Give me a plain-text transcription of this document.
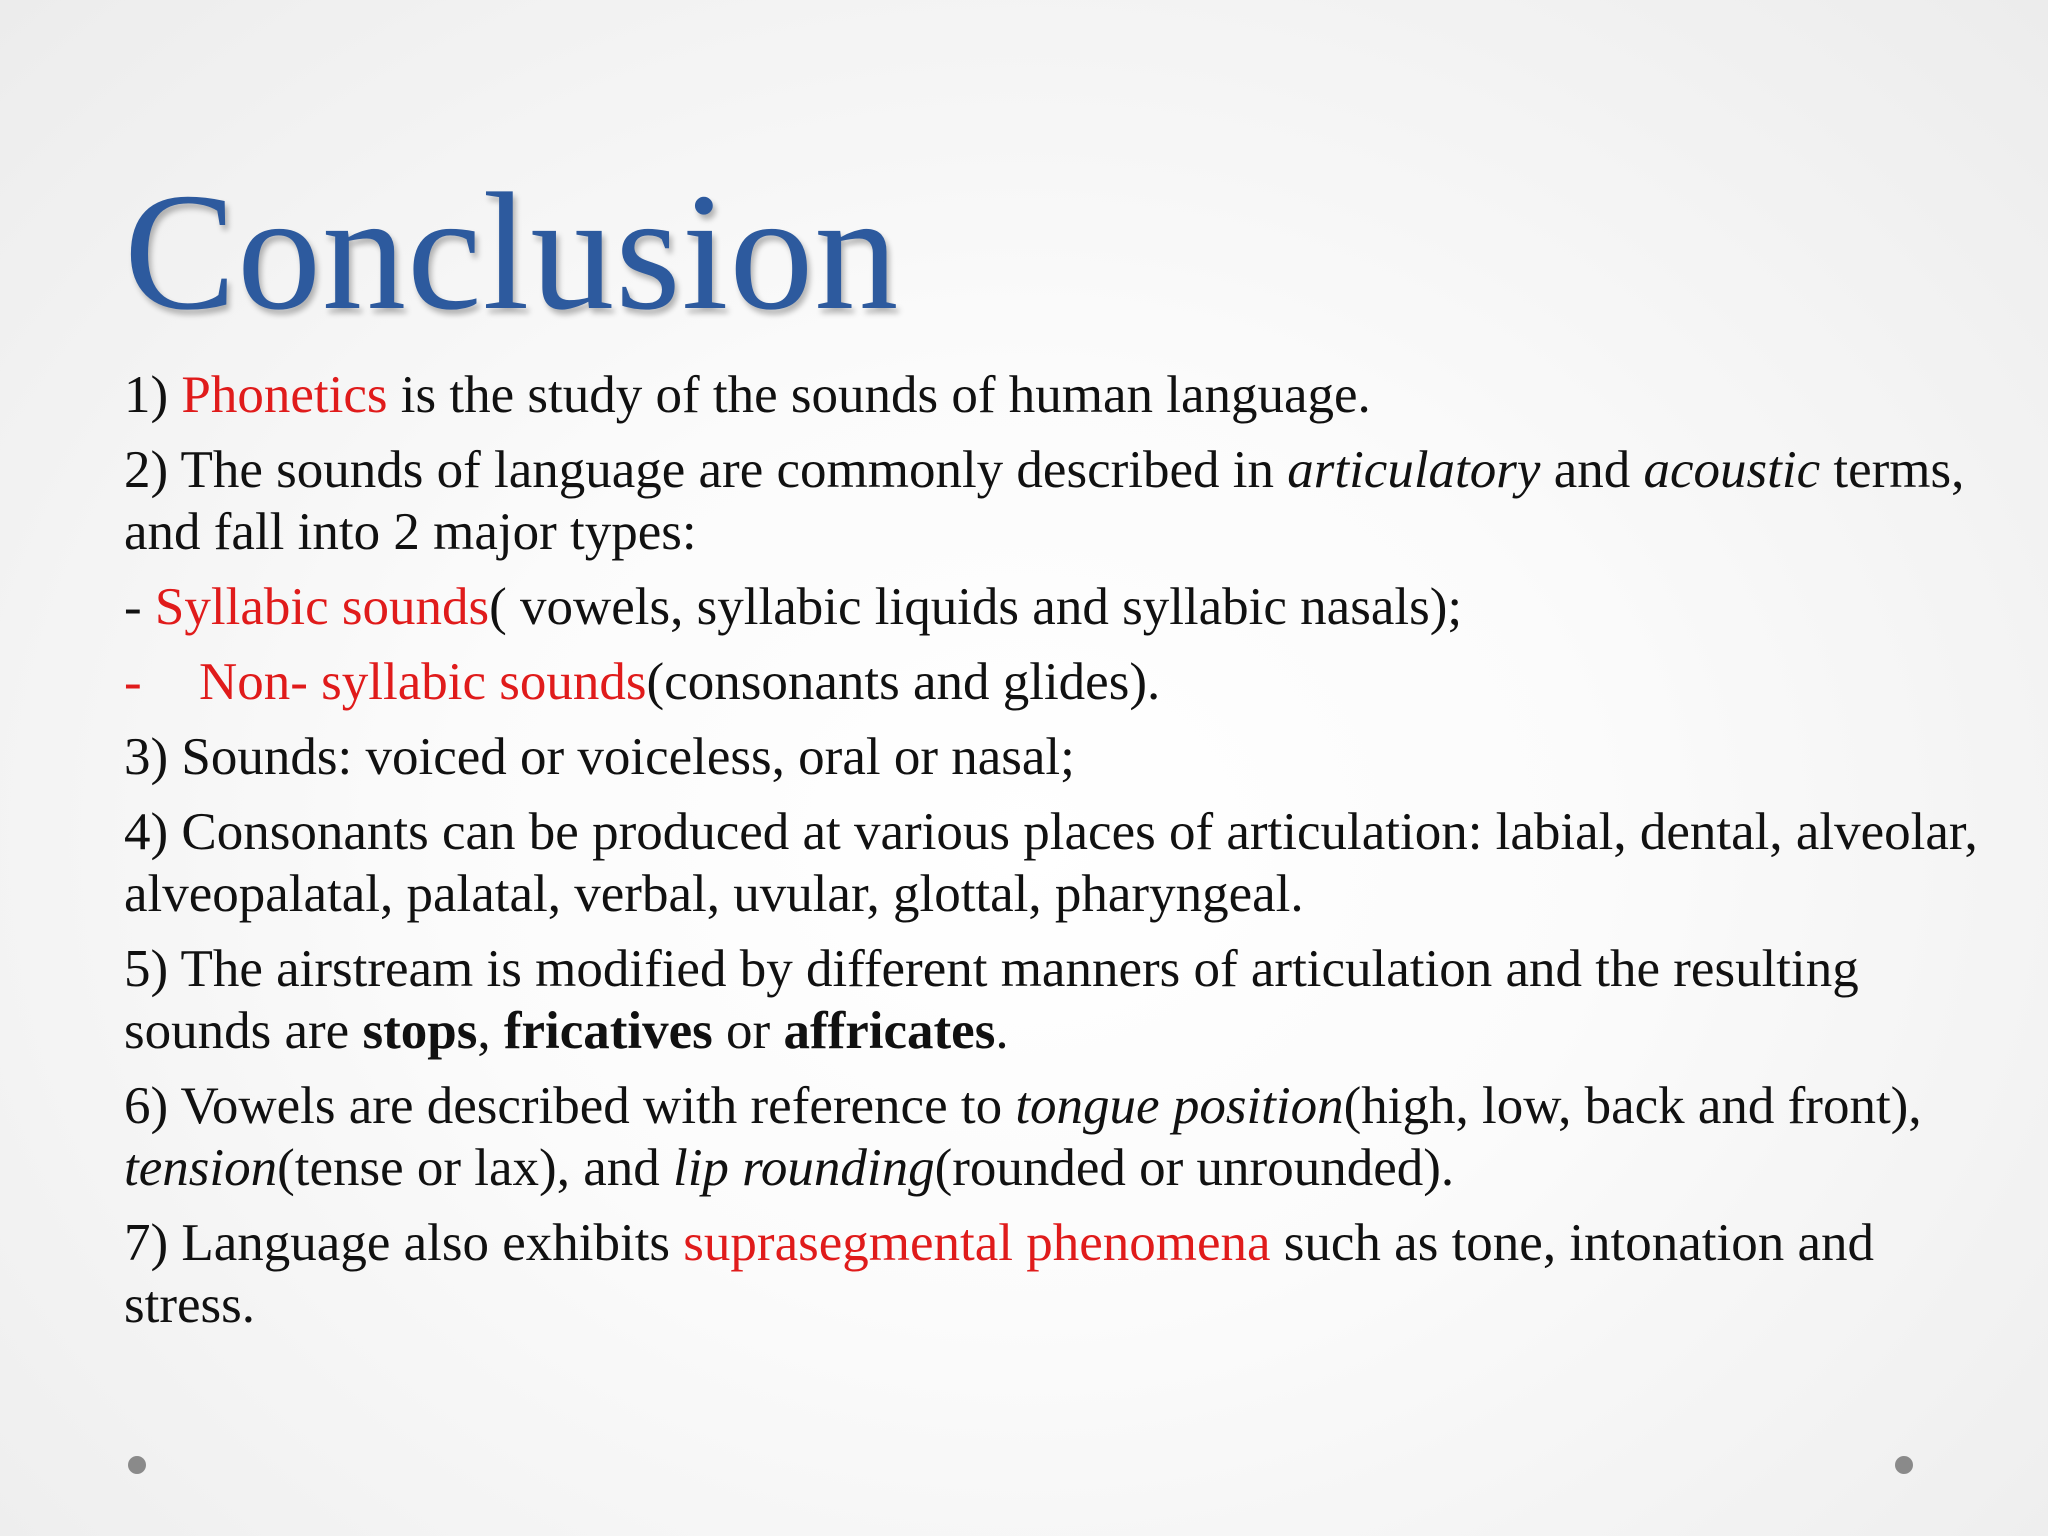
Conclusion

1) Phonetics is the study of the sounds of human language.

2) The sounds of language are commonly described in articulatory and acoustic terms, and fall into 2 major types:

- Syllabic sounds( vowels, syllabic liquids and syllabic nasals);

- Non- syllabic sounds(consonants and glides).

3) Sounds: voiced or voiceless, oral or nasal;

4) Consonants can be produced at various places of articulation: labial, dental, alveolar, alveopalatal, palatal, verbal, uvular, glottal, pharyngeal.

5) The airstream is modified by different manners of articulation and the resulting sounds are stops, fricatives or affricates.

6) Vowels are described with reference to tongue position(high, low, back and front), tension(tense or lax), and lip rounding(rounded or unrounded).

7) Language also exhibits suprasegmental phenomena such as tone, intonation and stress.
